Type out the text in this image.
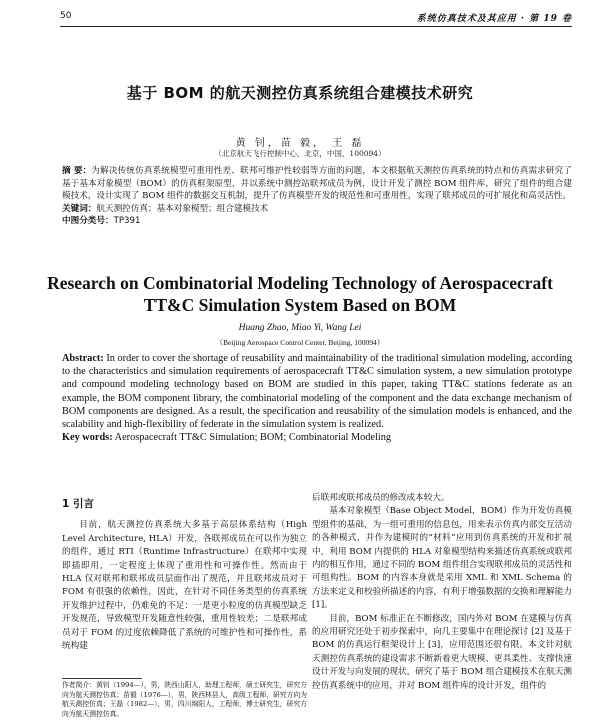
50	系统仿真技术及其应用 · 第 19 卷
基于 BOM 的航天测控仿真系统组合建模技术研究
黄 钊，苗 毅， 王 磊
（北京航天飞行控制中心，北京，中国，100094）
摘 要：为解决传统仿真系统模型可重用性差、联邦可维护性较弱等方面的问题，本文根据航天测控仿真系统的特点和仿真需求研究了基于基本对象模型（BOM）的仿真框架原型，并以系统中测控站联邦成员为例，设计开发了测控 BOM 组件库，研究了组件的组合建模技术，设计实现了 BOM 组件的数据交互机制，提升了仿真模型开发的规范性和可重用性，实现了联邦成员的可扩展化和高灵活性。
关键词：航天测控仿真；基本对象模型；组合建模技术
中图分类号：TP391
Research on Combinatorial Modeling Technology of Aerospacecraft
TT&C Simulation System Based on BOM
Huang Zhao, Miao Yi, Wang Lei
（Beijing Aerospace Control Center, Beijing, 100094）
Abstract: In order to cover the shortage of reusability and maintainability of the traditional simulation modeling, according to the characteristics and simulation requirements of aerospacecraft TT&C simulation system, a new simulation prototype and compound modeling technology based on BOM are studied in this paper, taking TT&C stations federate as an example, the BOM component library, the combinatorial modeling of the component and the data exchange mechanism of BOM components are designed. As a result, the specification and reusability of the simulation models is enhanced, and the scalability and high-flexibility of federate in the simulation system is realized.
Key words: Aerospacecraft TT&C Simulation; BOM; Combinatorial Modeling
1 引言

目前，航天测控仿真系统大多基于高层体系结构（High Level Architecture, HLA）开发，各联邦成员在可以作为独立的组件，通过 RTI（Runtime Infrastructure）在联邦中实现即插即用，一定程度上体现了重用性和可操作性。然而由于 HLA 仅对联邦和联邦成员层面作出了规范，并且联邦成员对于 FOM 有很强的依赖性，因此，在针对不同任务类型的仿真系统开发维护过程中，仍难免的不足：一是更小粒度的仿真模型缺乏开发规范，导致模型开发随意性较强，重用性较差；二是联邦成员对于 FOM 的过度依赖降低了系统的可维护性和可操作性，系统构建

后联邦或联邦成员的修改成本较大。

基本对象模型（Base Object Model，BOM）作为开发仿真模型组件的基础，为一组可重用的信息包，用来表示仿真内部交互活动的各种模式，并作为建模时的“材料”应用到仿真系统的开发和扩展中，利用 BOM 内提供的 HLA 对象模型结构来描述仿真系统或联邦内的相互作用，通过不同的 BOM 组件组合实现联邦成员的灵活性和可组构性。BOM 的内容本身就是采用 XML 和 XML Schema 的方法来定义和校验所描述的内容，有利于增强数据的交换和理解能力 [1]。

目前，BOM 标准正在不断修改，国内外对 BOM 在建模与仿真的应用研究还处于初步探索中，向几主要集中在理论探讨 [2] 及基于 BOM 的仿真运行框架设计上 [3]，应用范围还很有限。本文针对航天测控仿真系统的建设需求不断新着更大规模、更具柔性、支撑快速设计开发与向发展的现状，研究了基于 BOM 组合建模技术在航天测控仿真系统中的应用，并对 BOM 组件库的设计开发，组件的

作者简介：黄钊（1994—），男，陕西山阳人，助理工程师，硕士研究生，研究方向为航天测控仿真；苗毅（1976—），男，陕西林县人，高级工程师，研究方向为航天测控仿真；王磊（1982—），男，四川绵阳人，工程师，博士研究生，研究方向为航天测控仿真。
